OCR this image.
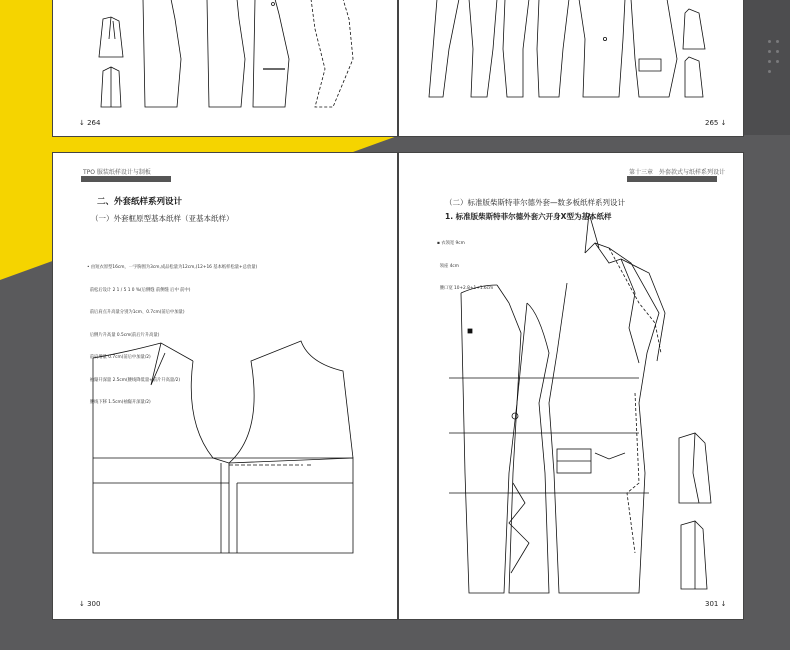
↓ 264	265 ↓
TPO 服装纸样设计与制板
二、外套纸样系列设计
（一）外套框原型基本纸样（亚基本纸样）

• 由短衣原型16cm，一字胸围为3cm,成品松量为12cm,(12+16 基本纸样松量+总放量)

前松后设计 2 1 / 5 1 0 %(后侧缝 前侧缝 后中 前中)

前后肩点升高量分别为1cm、0.7cm(前后中加量)

后侧片升高量 0.5cm(前后片升高量)

前肩增量 0.7cm(前后中加量/2)

袖窿开深量 2.5cm(腰线降低量+前片升高量/2)

腰线下移 1.5cm(袖窿开深量/2)

↓ 300
第十三章　外套款式与纸样系列设计
（二）标准版柴斯特菲尔德外套—数多板纸样系列设计
1. 标准版柴斯特菲尔德外套六开身X型为基本纸样

▪ 衣领宽 9cm

领座 4cm

腰口宽 10+2.8+1+1.6cm

301 ↓
